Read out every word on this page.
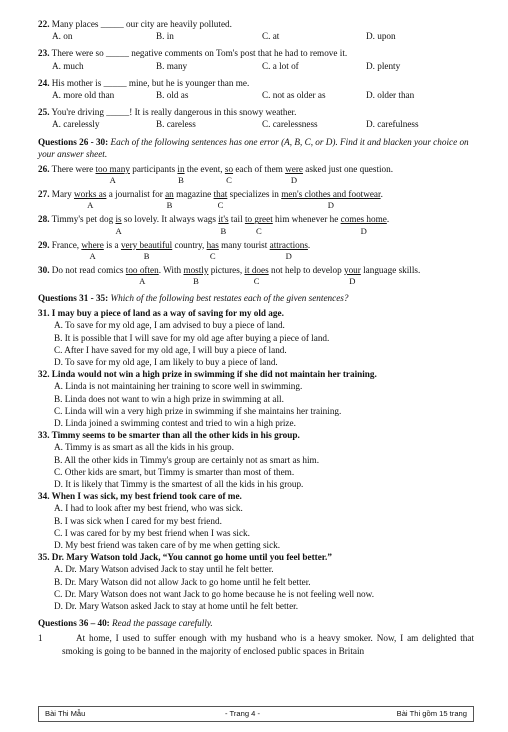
22. Many places _____ our city are heavily polluted.
A. on	B. in	C. at	D. upon
23. There were so _____ negative comments on Tom's post that he had to remove it.
A. much	B. many	C. a lot of	D. plenty
24. His mother is _____ mine, but he is younger than me.
A. more old than	B. old as	C. not as older as	D. older than
25. You're driving _____! It is really dangerous in this snowy weather.
A. carelessly	B. careless	C. carelessness	D. carefulness
Questions 26 - 30: Each of the following sentences has one error (A, B, C, or D). Find it and blacken your choice on your answer sheet.
26. There were too many participants in the event, so each of them were asked just one question.
A	B	C	D
27. Mary works as a journalist for an magazine that specializes in men's clothes and footwear.
A	B	C	D
28. Timmy's pet dog is so lovely. It always wags it's tail to greet him whenever he comes home.
A	B	C	D
29. France, where is a very beautiful country, has many tourist attractions.
A	B	C	D
30. Do not read comics too often. With mostly pictures, it does not help to develop your language skills.
A	B	C	D
Questions 31 - 35: Which of the following best restates each of the given sentences?
31. I may buy a piece of land as a way of saving for my old age.
A. To save for my old age, I am advised to buy a piece of land.
B. It is possible that I will save for my old age after buying a piece of land.
C. After I have saved for my old age, I will buy a piece of land.
D. To save for my old age, I am likely to buy a piece of land.
32. Linda would not win a high prize in swimming if she did not maintain her training.
A. Linda is not maintaining her training to score well in swimming.
B. Linda does not want to win a high prize in swimming at all.
C. Linda will win a very high prize in swimming if she maintains her training.
D. Linda joined a swimming contest and tried to win a high prize.
33. Timmy seems to be smarter than all the other kids in his group.
A. Timmy is as smart as all the kids in his group.
B. All the other kids in Timmy's group are certainly not as smart as him.
C. Other kids are smart, but Timmy is smarter than most of them.
D. It is likely that Timmy is the smartest of all the kids in his group.
34. When I was sick, my best friend took care of me.
A. I had to look after my best friend, who was sick.
B. I was sick when I cared for my best friend.
C. I was cared for by my best friend when I was sick.
D. My best friend was taken care of by me when getting sick.
35. Dr. Mary Watson told Jack, “You cannot go home until you feel better.”
A. Dr. Mary Watson advised Jack to stay until he felt better.
B. Dr. Mary Watson did not allow Jack to go home until he felt better.
C. Dr. Mary Watson does not want Jack to go home because he is not feeling well now.
D. Dr. Mary Watson asked Jack to stay at home until he felt better.
Questions 36 – 40: Read the passage carefully.
1	At home, I used to suffer enough with my husband who is a heavy smoker. Now, I am delighted that smoking is going to be banned in the majority of enclosed public spaces in Britain
Bài Thi Mẫu	- Trang 4 -	Bài Thi gồm 15 trang
